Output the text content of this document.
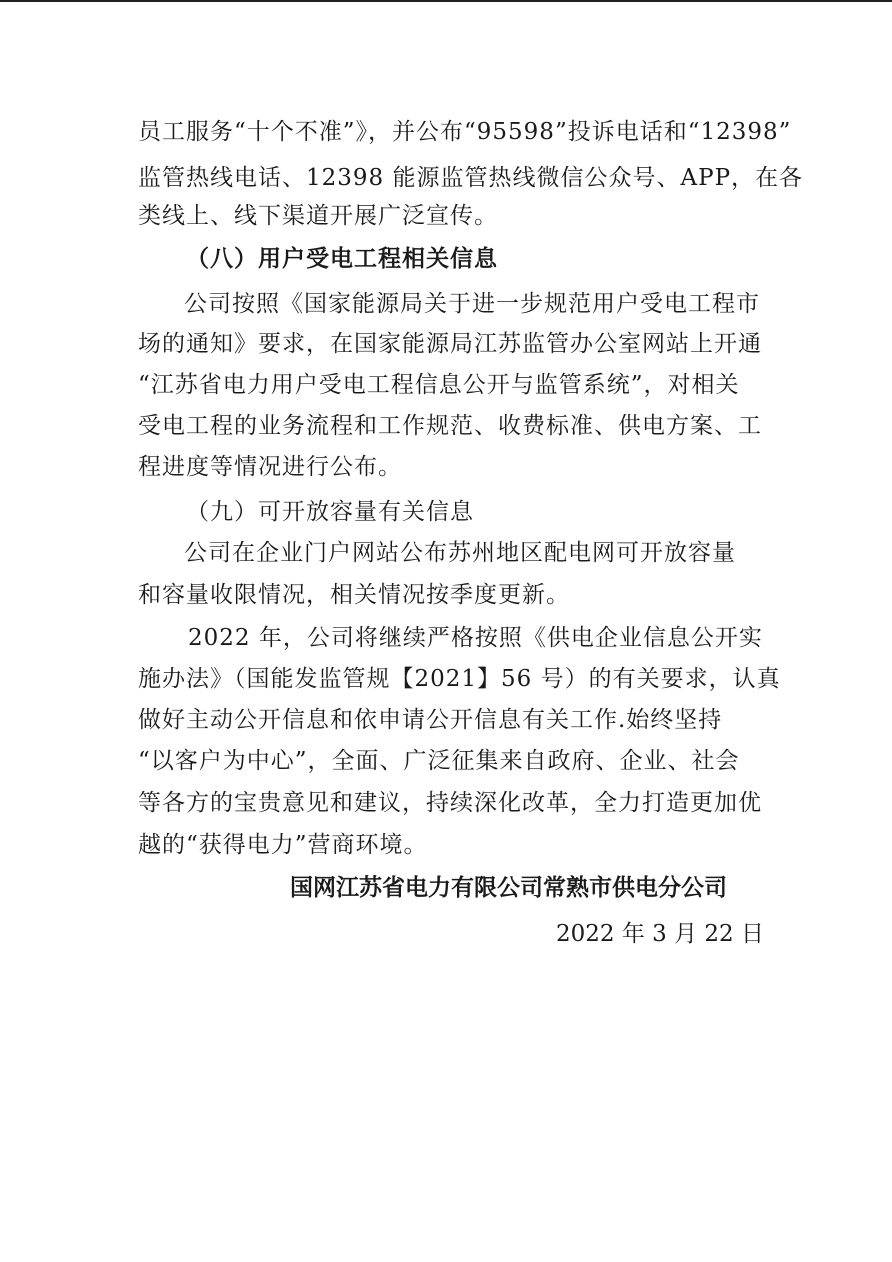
员工服务“十个不准”》，并公布“95598”投诉电话和“12398”
监管热线电话、12398 能源监管热线微信公众号、APP，在各
类线上、线下渠道开展广泛宣传。
（八）用户受电工程相关信息
公司按照《国家能源局关于进一步规范用户受电工程市
场的通知》要求，在国家能源局江苏监管办公室网站上开通
“江苏省电力用户受电工程信息公开与监管系统”，对相关
受电工程的业务流程和工作规范、收费标准、供电方案、工
程进度等情况进行公布。
（九）可开放容量有关信息
公司在企业门户网站公布苏州地区配电网可开放容量
和容量收限情况，相关情况按季度更新。
2022 年，公司将继续严格按照《供电企业信息公开实
施办法》（国能发监管规【2021】56 号）的有关要求，认真
做好主动公开信息和依申请公开信息有关工作.始终坚持
“以客户为中心”，全面、广泛征集来自政府、企业、社会
等各方的宝贵意见和建议，持续深化改革，全力打造更加优
越的“获得电力”营商环境。
国网江苏省电力有限公司常熟市供电分公司
2022 年 3 月 22 日
